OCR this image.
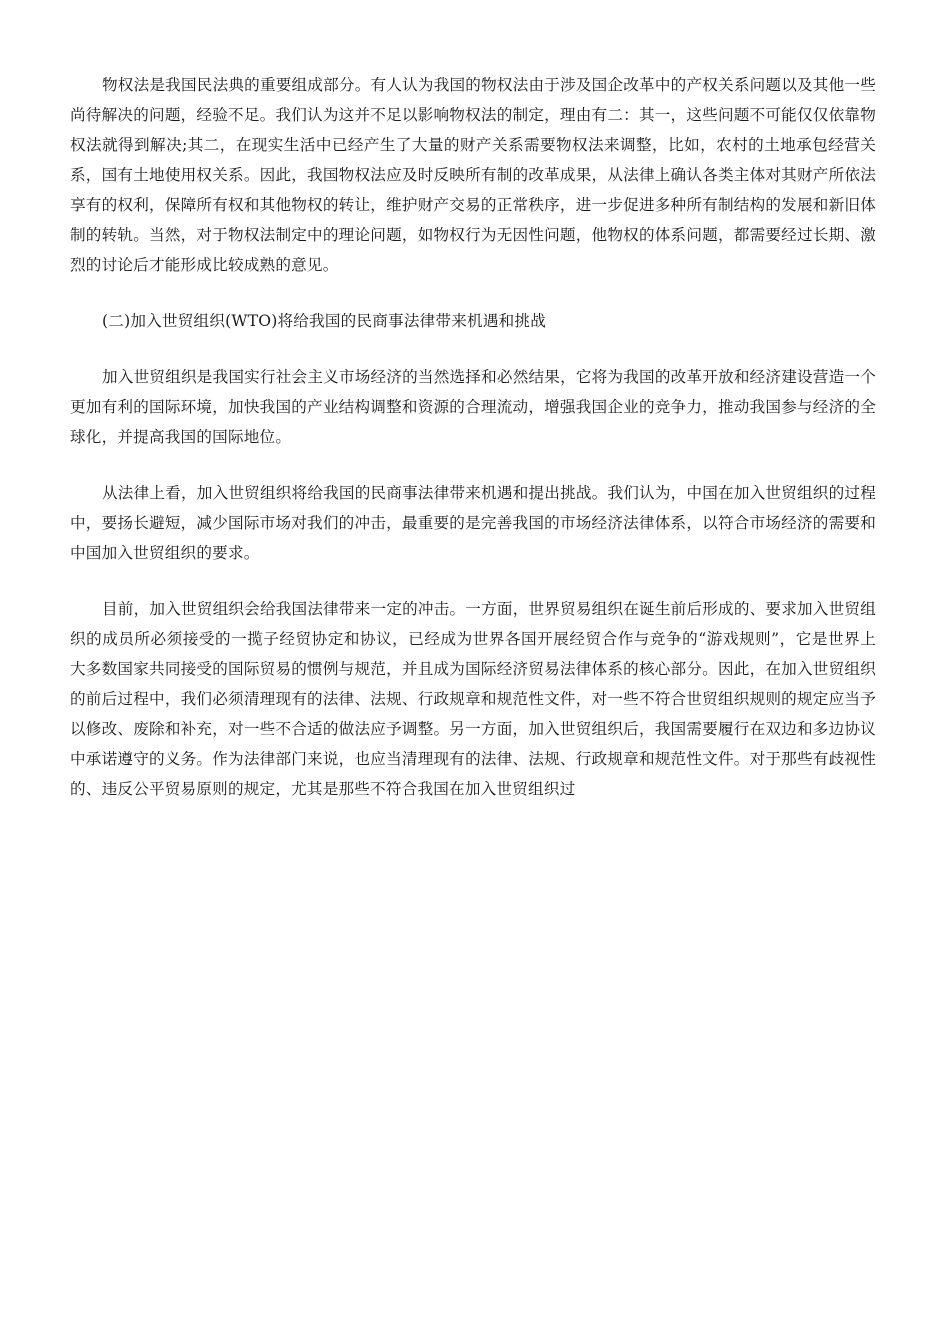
物权法是我国民法典的重要组成部分。有人认为我国的物权法由于涉及国企改革中的产权关系问题以及其他一些尚待解决的问题，经验不足。我们认为这并不足以影响物权法的制定，理由有二：其一，这些问题不可能仅仅依靠物权法就得到解决;其二，在现实生活中已经产生了大量的财产关系需要物权法来调整，比如，农村的土地承包经营关系，国有土地使用权关系。因此，我国物权法应及时反映所有制的改革成果，从法律上确认各类主体对其财产所依法享有的权利，保障所有权和其他物权的转让，维护财产交易的正常秩序，进一步促进多种所有制结构的发展和新旧体制的转轨。当然，对于物权法制定中的理论问题，如物权行为无因性问题，他物权的体系问题，都需要经过长期、激烈的讨论后才能形成比较成熟的意见。

(二)加入世贸组织(WTO)将给我国的民商事法律带来机遇和挑战

加入世贸组织是我国实行社会主义市场经济的当然选择和必然结果，它将为我国的改革开放和经济建设营造一个更加有利的国际环境，加快我国的产业结构调整和资源的合理流动，增强我国企业的竞争力，推动我国参与经济的全球化，并提高我国的国际地位。

从法律上看，加入世贸组织将给我国的民商事法律带来机遇和提出挑战。我们认为，中国在加入世贸组织的过程中，要扬长避短，减少国际市场对我们的冲击，最重要的是完善我国的市场经济法律体系，以符合市场经济的需要和中国加入世贸组织的要求。

目前，加入世贸组织会给我国法律带来一定的冲击。一方面，世界贸易组织在诞生前后形成的、要求加入世贸组织的成员所必须接受的一揽子经贸协定和协议，已经成为世界各国开展经贸合作与竞争的“游戏规则”，它是世界上大多数国家共同接受的国际贸易的惯例与规范，并且成为国际经济贸易法律体系的核心部分。因此，在加入世贸组织的前后过程中，我们必须清理现有的法律、法规、行政规章和规范性文件，对一些不符合世贸组织规则的规定应当予以修改、废除和补充，对一些不合适的做法应予调整。另一方面，加入世贸组织后，我国需要履行在双边和多边协议中承诺遵守的义务。作为法律部门来说，也应当清理现有的法律、法规、行政规章和规范性文件。对于那些有歧视性的、违反公平贸易原则的规定，尤其是那些不符合我国在加入世贸组织过
